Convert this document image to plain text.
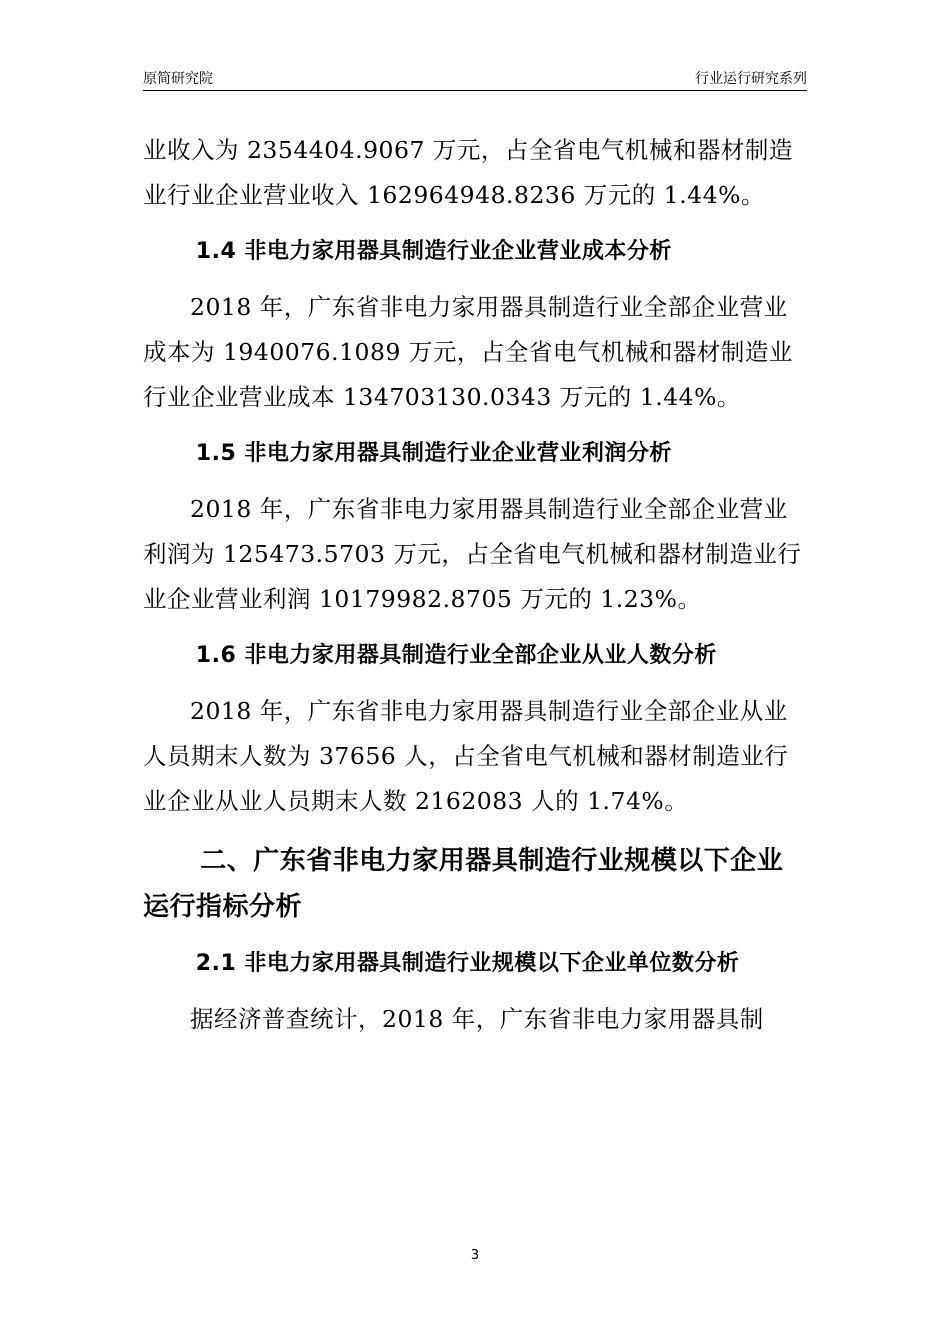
原简研究院	行业运行研究系列

业收入为 2354404.9067 万元，占全省电气机械和器材制造

业行业企业营业收入 162964948.8236 万元的 1.44%。

1.4 非电力家用器具制造行业企业营业成本分析

2018 年，广东省非电力家用器具制造行业全部企业营业成本为 1940076.1089 万元，占全省电气机械和器材制造业行业企业营业成本 134703130.0343 万元的 1.44%。

1.5 非电力家用器具制造行业企业营业利润分析

2018 年，广东省非电力家用器具制造行业全部企业营业利润为 125473.5703 万元，占全省电气机械和器材制造业行业企业营业利润 10179982.8705 万元的 1.23%。

1.6 非电力家用器具制造行业全部企业从业人数分析

2018 年，广东省非电力家用器具制造行业全部企业从业人员期末人数为 37656 人，占全省电气机械和器材制造业行业企业从业人员期末人数 2162083 人的 1.74%。

二、广东省非电力家用器具制造行业规模以下企业运行指标分析
2.1 非电力家用器具制造行业规模以下企业单位数分析

据经济普查统计，2018 年，广东省非电力家用器具制

3
